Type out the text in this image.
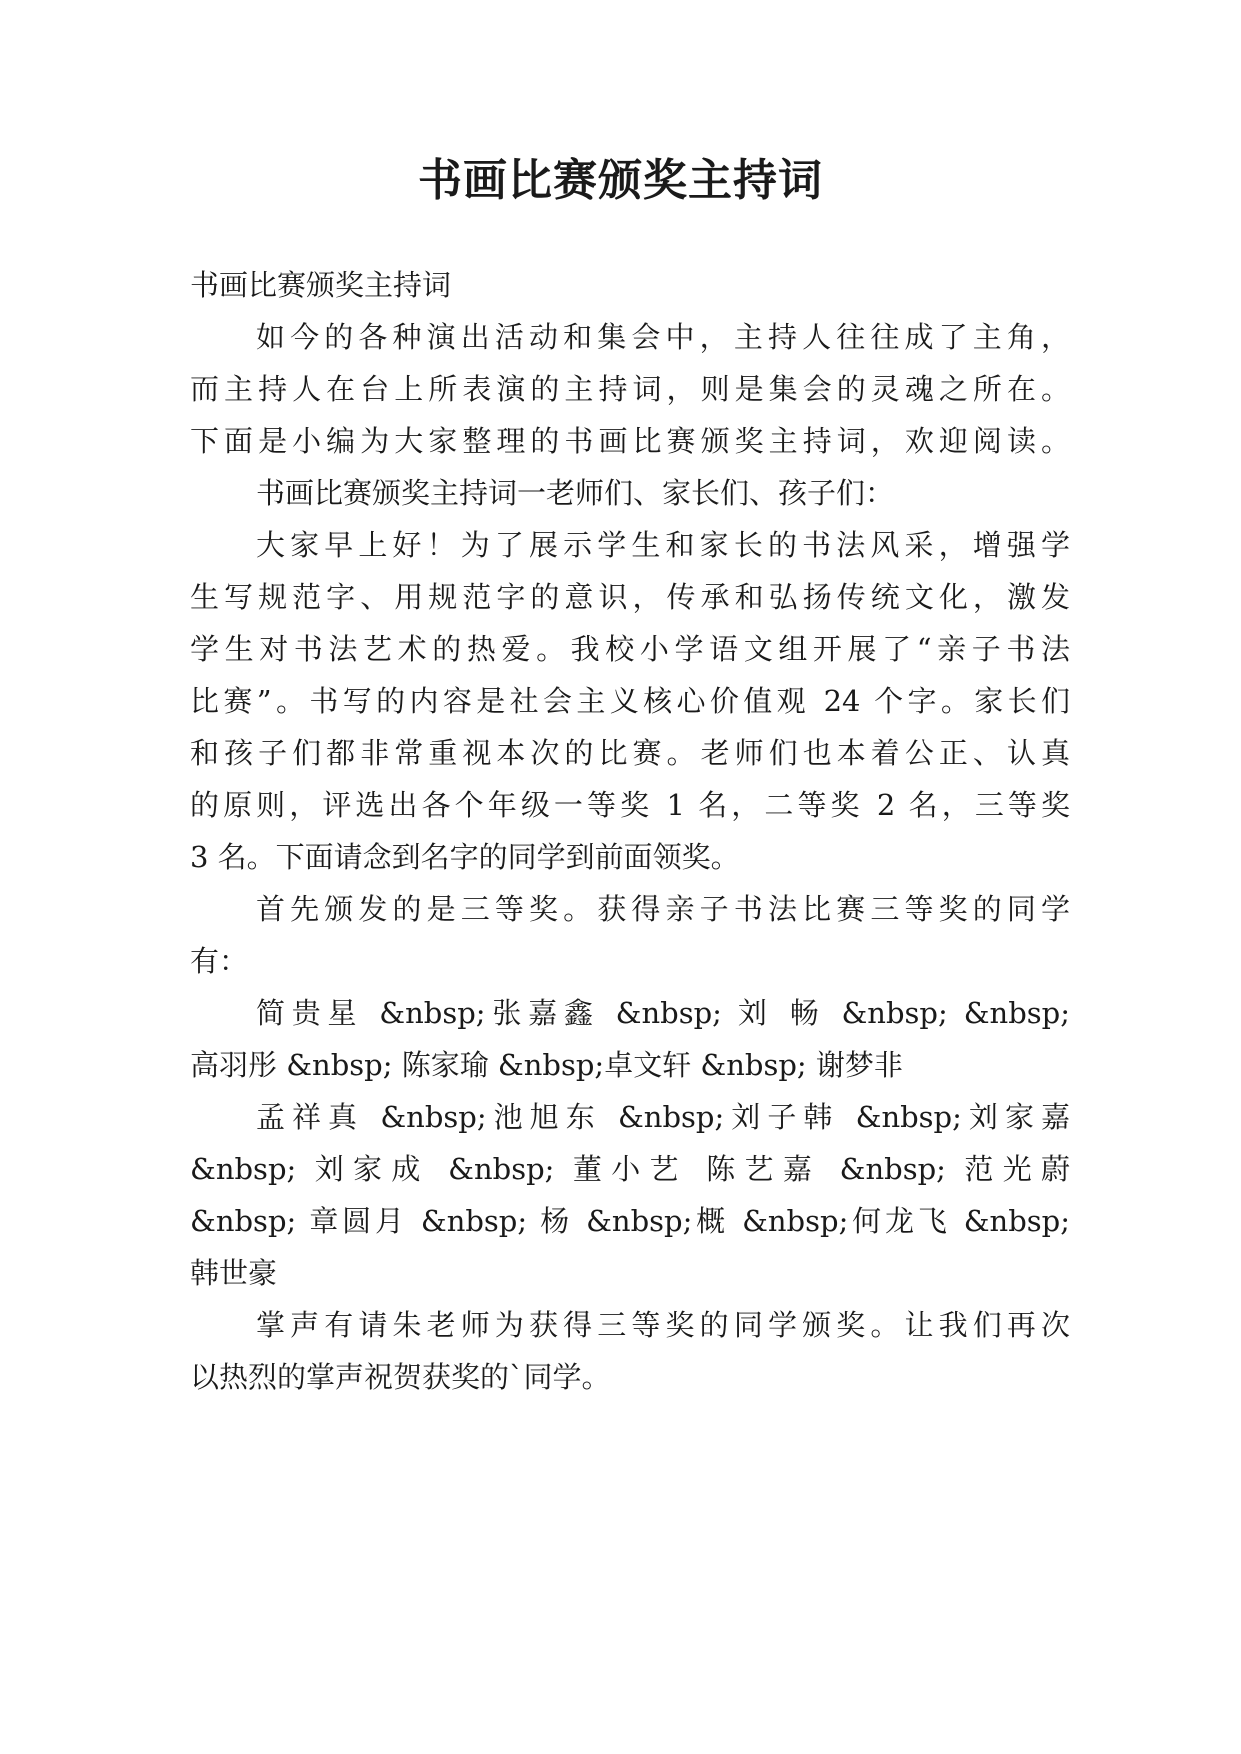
书画比赛颁奖主持词

书画比赛颁奖主持词

如今的各种演出活动和集会中，主持人往往成了主角，

而主持人在台上所表演的主持词，则是集会的灵魂之所在。

下面是小编为大家整理的书画比赛颁奖主持词，欢迎阅读。

书画比赛颁奖主持词一老师们、家长们、孩子们：

大家早上好！为了展示学生和家长的书法风采，增强学

生写规范字、用规范字的意识，传承和弘扬传统文化，激发

学生对书法艺术的热爱。我校小学语文组开展了“亲子书法

比赛”。书写的内容是社会主义核心价值观 24 个字。家长们

和孩子们都非常重视本次的比赛。老师们也本着公正、认真

的原则，评选出各个年级一等奖 1 名，二等奖 2 名，三等奖

3 名。下面请念到名字的同学到前面领奖。

首先颁发的是三等奖。获得亲子书法比赛三等奖的同学

有：

简贵星 &nbsp;张嘉鑫 &nbsp; 刘 畅 &nbsp; &nbsp;

高羽彤 &nbsp; 陈家瑜 &nbsp;卓文轩 &nbsp; 谢梦非

孟祥真 &nbsp;池旭东 &nbsp;刘子韩 &nbsp;刘家嘉

&nbsp; 刘家成 &nbsp; 董小艺 陈艺嘉 &nbsp; 范光蔚

&nbsp; 章圆月 &nbsp; 杨 &nbsp;概 &nbsp;何龙飞 &nbsp;

韩世豪

掌声有请朱老师为获得三等奖的同学颁奖。让我们再次

以热烈的掌声祝贺获奖的`同学。
